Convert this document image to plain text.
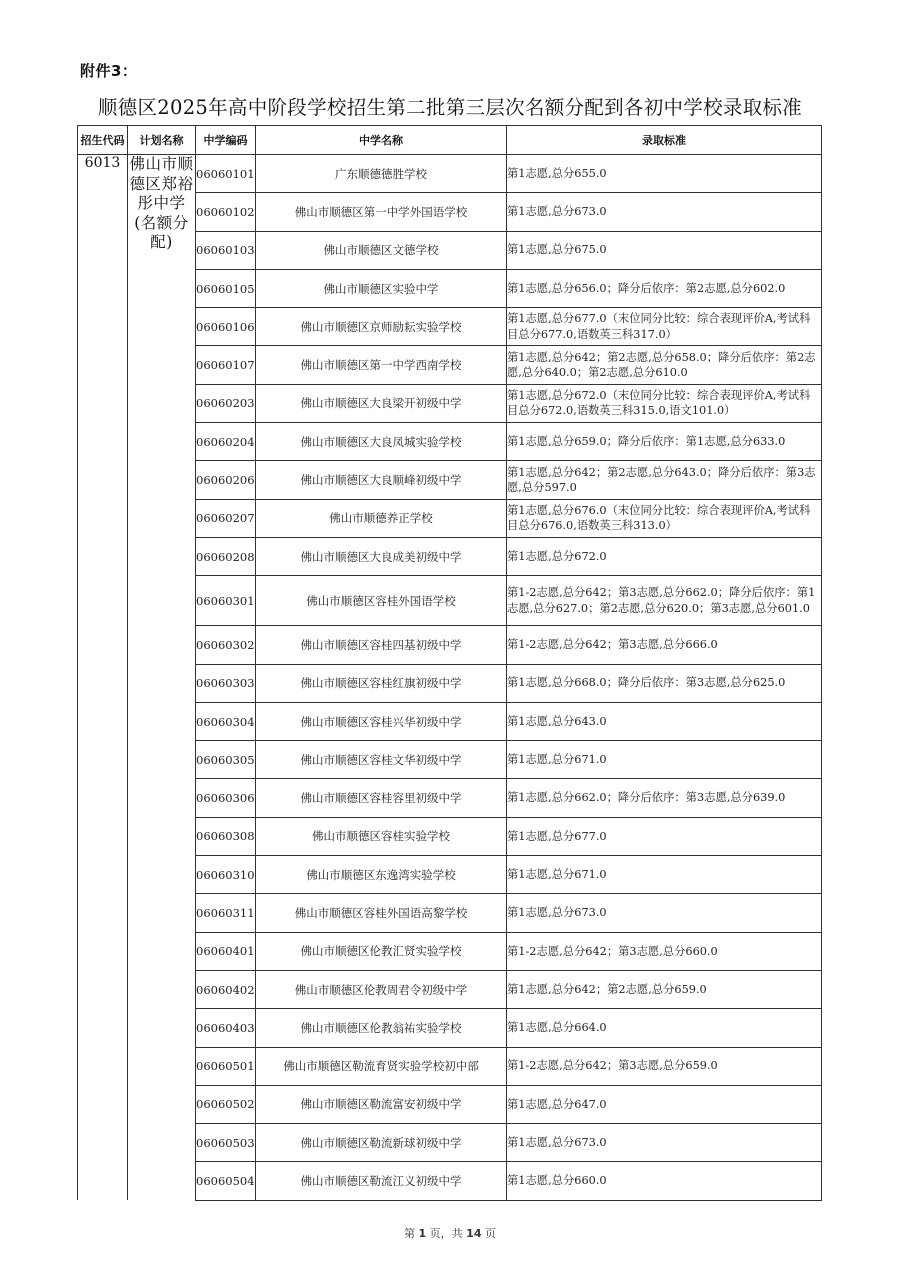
附件3：
顺德区2025年高中阶段学校招生第二批第三层次名额分配到各初中学校录取标准
招生代码	计划名称	中学编码	中学名称	录取标准
6013	佛山市顺德区郑裕彤中学(名额分配)	06060101	广东顺德德胜学校	第1志愿,总分655.0
		06060102	佛山市顺德区第一中学外国语学校	第1志愿,总分673.0
		06060103	佛山市顺德区文德学校	第1志愿,总分675.0
		06060105	佛山市顺德区实验中学	第1志愿,总分656.0；降分后依序：第2志愿,总分602.0
		06060106	佛山市顺德区京师励耘实验学校	第1志愿,总分677.0（末位同分比较：综合表现评价A,考试科目总分677.0,语数英三科317.0）
		06060107	佛山市顺德区第一中学西南学校	第1志愿,总分642；第2志愿,总分658.0；降分后依序：第2志愿,总分640.0；第2志愿,总分610.0
		06060203	佛山市顺德区大良梁开初级中学	第1志愿,总分672.0（末位同分比较：综合表现评价A,考试科目总分672.0,语数英三科315.0,语文101.0）
		06060204	佛山市顺德区大良凤城实验学校	第1志愿,总分659.0；降分后依序：第1志愿,总分633.0
		06060206	佛山市顺德区大良顺峰初级中学	第1志愿,总分642；第2志愿,总分643.0；降分后依序：第3志愿,总分597.0
		06060207	佛山市顺德养正学校	第1志愿,总分676.0（末位同分比较：综合表现评价A,考试科目总分676.0,语数英三科313.0）
		06060208	佛山市顺德区大良成美初级中学	第1志愿,总分672.0
		06060301	佛山市顺德区容桂外国语学校	第1-2志愿,总分642；第3志愿,总分662.0；降分后依序：第1志愿,总分627.0；第2志愿,总分620.0；第3志愿,总分601.0
		06060302	佛山市顺德区容桂四基初级中学	第1-2志愿,总分642；第3志愿,总分666.0
		06060303	佛山市顺德区容桂红旗初级中学	第1志愿,总分668.0；降分后依序：第3志愿,总分625.0
		06060304	佛山市顺德区容桂兴华初级中学	第1志愿,总分643.0
		06060305	佛山市顺德区容桂文华初级中学	第1志愿,总分671.0
		06060306	佛山市顺德区容桂容里初级中学	第1志愿,总分662.0；降分后依序：第3志愿,总分639.0
		06060308	佛山市顺德区容桂实验学校	第1志愿,总分677.0
		06060310	佛山市顺德区东逸湾实验学校	第1志愿,总分671.0
		06060311	佛山市顺德区容桂外国语高黎学校	第1志愿,总分673.0
		06060401	佛山市顺德区伦教汇贤实验学校	第1-2志愿,总分642；第3志愿,总分660.0
		06060402	佛山市顺德区伦教周君令初级中学	第1志愿,总分642；第2志愿,总分659.0
		06060403	佛山市顺德区伦教翁祐实验学校	第1志愿,总分664.0
		06060501	佛山市顺德区勒流育贤实验学校初中部	第1-2志愿,总分642；第3志愿,总分659.0
		06060502	佛山市顺德区勒流富安初级中学	第1志愿,总分647.0
		06060503	佛山市顺德区勒流新球初级中学	第1志愿,总分673.0
		06060504	佛山市顺德区勒流江义初级中学	第1志愿,总分660.0
第 1 页，共 14 页
